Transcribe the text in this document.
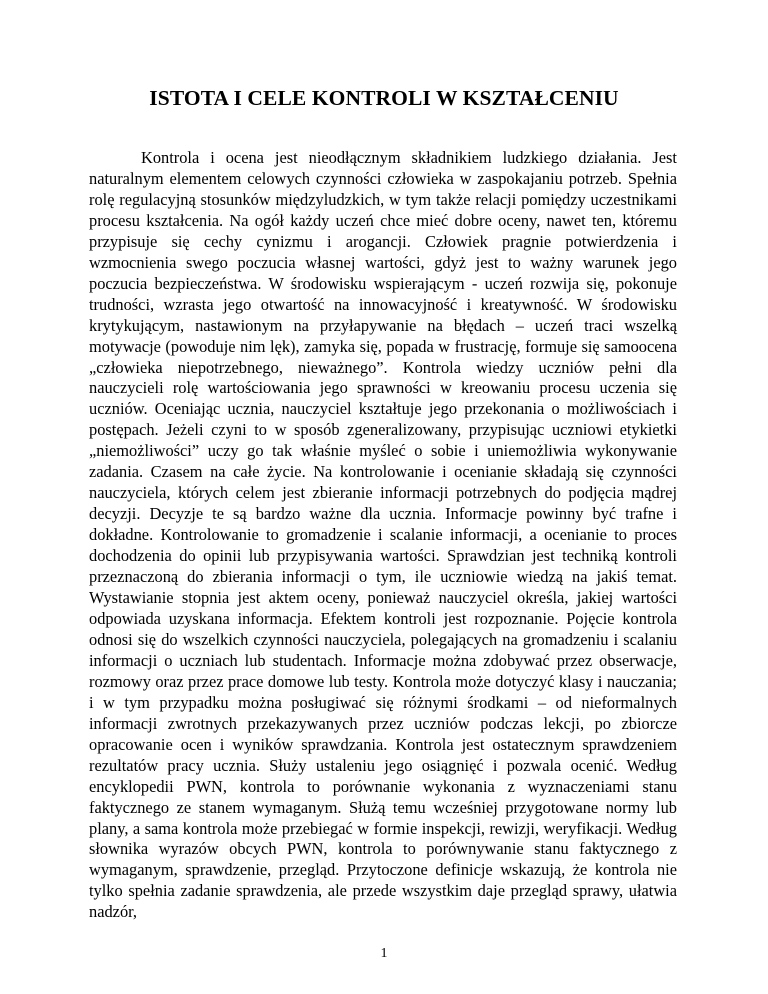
ISTOTA I CELE KONTROLI W KSZTAŁCENIU

Kontrola i ocena jest nieodłącznym składnikiem ludzkiego działania. Jest naturalnym elementem celowych czynności człowieka w zaspokajaniu potrzeb. Spełnia rolę regulacyjną stosunków międzyludzkich, w tym także relacji pomiędzy uczestnikami procesu kształcenia. Na ogół każdy uczeń chce mieć dobre oceny, nawet ten, któremu przypisuje się cechy cynizmu i arogancji. Człowiek pragnie potwierdzenia i wzmocnienia swego poczucia własnej wartości, gdyż jest to ważny warunek jego poczucia bezpieczeństwa. W środowisku wspierającym - uczeń rozwija się, pokonuje trudności, wzrasta jego otwartość na innowacyjność i kreatywność. W środowisku krytykującym, nastawionym na przyłapywanie na błędach – uczeń traci wszelką motywacje (powoduje nim lęk), zamyka się, popada w frustrację, formuje się samoocena „człowieka niepotrzebnego, nieważnego”. Kontrola wiedzy uczniów pełni dla nauczycieli rolę wartościowania jego sprawności w kreowaniu procesu uczenia się uczniów. Oceniając ucznia, nauczyciel kształtuje jego przekonania o możliwościach i postępach. Jeżeli czyni to w sposób zgeneralizowany, przypisując uczniowi etykietki „niemożliwości” uczy go tak właśnie myśleć o sobie i uniemożliwia wykonywanie zadania. Czasem na całe życie. Na kontrolowanie i ocenianie składają się czynności nauczyciela, których celem jest zbieranie informacji potrzebnych do podjęcia mądrej decyzji. Decyzje te są bardzo ważne dla ucznia. Informacje powinny być trafne i dokładne. Kontrolowanie to gromadzenie i scalanie informacji, a ocenianie to proces dochodzenia do opinii lub przypisywania wartości. Sprawdzian jest techniką kontroli przeznaczoną do zbierania informacji o tym, ile uczniowie wiedzą na jakiś temat. Wystawianie stopnia jest aktem oceny, ponieważ nauczyciel określa, jakiej wartości odpowiada uzyskana informacja. Efektem kontroli jest rozpoznanie. Pojęcie kontrola odnosi się do wszelkich czynności nauczyciela, polegających na gromadzeniu i scalaniu informacji o uczniach lub studentach. Informacje można zdobywać przez obserwacje, rozmowy oraz przez prace domowe lub testy. Kontrola może dotyczyć klasy i nauczania; i w tym przypadku można posługiwać się różnymi środkami – od nieformalnych informacji zwrotnych przekazywanych przez uczniów podczas lekcji, po zbiorcze opracowanie ocen i wyników sprawdzania. Kontrola jest ostatecznym sprawdzeniem rezultatów pracy ucznia. Służy ustaleniu jego osiągnięć i pozwala ocenić. Według encyklopedii PWN, kontrola to porównanie wykonania z wyznaczeniami stanu faktycznego ze stanem wymaganym. Służą temu wcześniej przygotowane normy lub plany, a sama kontrola może przebiegać w formie inspekcji, rewizji, weryfikacji. Według słownika wyrazów obcych PWN, kontrola to porównywanie stanu faktycznego z wymaganym, sprawdzenie, przegląd. Przytoczone definicje wskazują, że kontrola nie tylko spełnia zadanie sprawdzenia, ale przede wszystkim daje przegląd sprawy, ułatwia nadzór,

1
